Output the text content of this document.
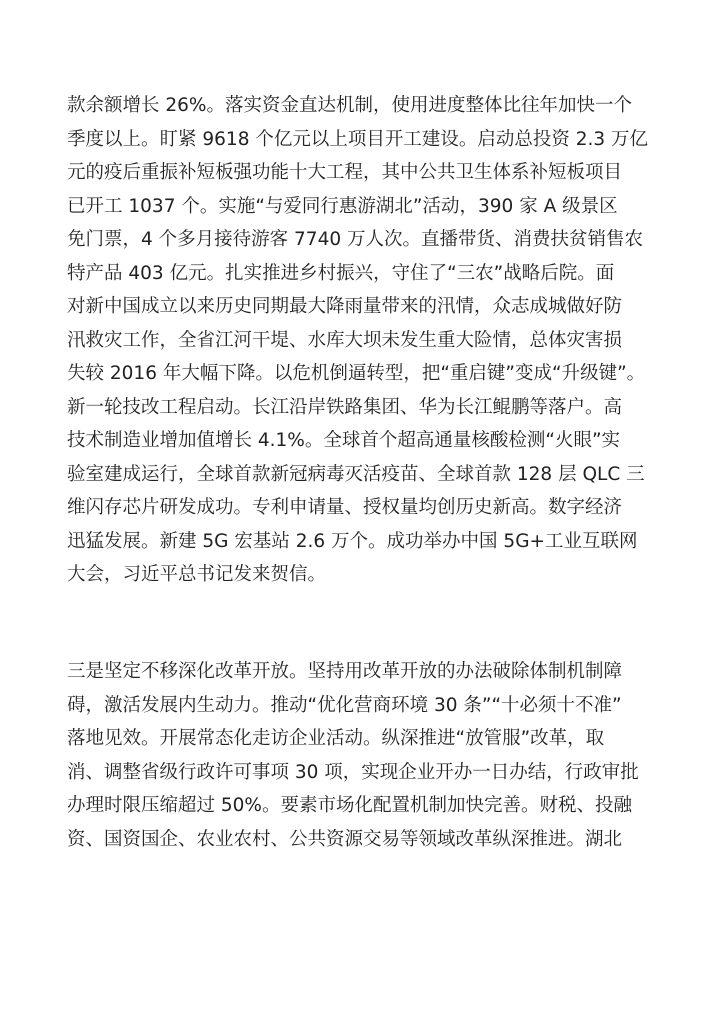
款余额增长 26%。落实资金直达机制，使用进度整体比往年加快一个
季度以上。盯紧 9618 个亿元以上项目开工建设。启动总投资 2.3 万亿
元的疫后重振补短板强功能十大工程，其中公共卫生体系补短板项目
已开工 1037 个。实施“与爱同行惠游湖北”活动，390 家 A 级景区
免门票，4 个多月接待游客 7740 万人次。直播带货、消费扶贫销售农
特产品 403 亿元。扎实推进乡村振兴，守住了“三农”战略后院。面
对新中国成立以来历史同期最大降雨量带来的汛情，众志成城做好防
汛救灾工作，全省江河干堤、水库大坝未发生重大险情，总体灾害损
失较 2016 年大幅下降。以危机倒逼转型，把“重启键”变成“升级键”。
新一轮技改工程启动。长江沿岸铁路集团、华为长江鲲鹏等落户。高
技术制造业增加值增长 4.1%。全球首个超高通量核酸检测“火眼”实
验室建成运行，全球首款新冠病毒灭活疫苗、全球首款 128 层 QLC 三
维闪存芯片研发成功。专利申请量、授权量均创历史新高。数字经济
迅猛发展。新建 5G 宏基站 2.6 万个。成功举办中国 5G+工业互联网
大会，习近平总书记发来贺信。
三是坚定不移深化改革开放。坚持用改革开放的办法破除体制机制障
碍，激活发展内生动力。推动“优化营商环境 30 条”“十必须十不准”
落地见效。开展常态化走访企业活动。纵深推进“放管服”改革，取
消、调整省级行政许可事项 30 项，实现企业开办一日办结，行政审批
办理时限压缩超过 50%。要素市场化配置机制加快完善。财税、投融
资、国资国企、农业农村、公共资源交易等领域改革纵深推进。湖北
